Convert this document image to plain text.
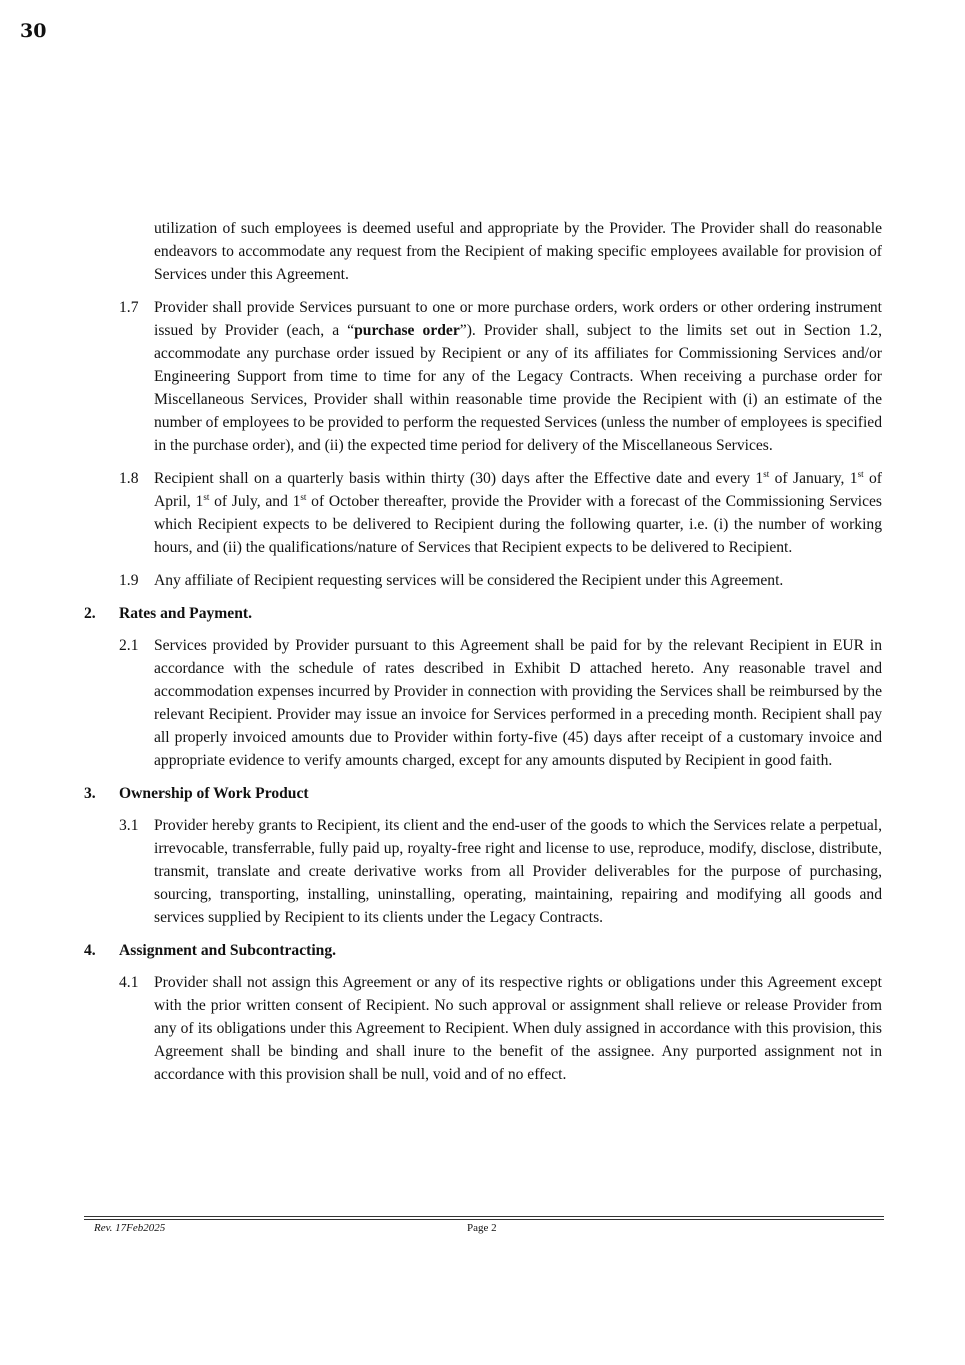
30

utilization of such employees is deemed useful and appropriate by the Provider. The Provider shall do reasonable endeavors to accommodate any request from the Recipient of making specific employees available for provision of Services under this Agreement.

1.7 Provider shall provide Services pursuant to one or more purchase orders, work orders or other ordering instrument issued by Provider (each, a “purchase order”). Provider shall, subject to the limits set out in Section 1.2, accommodate any purchase order issued by Recipient or any of its affiliates for Commissioning Services and/or Engineering Support from time to time for any of the Legacy Contracts. When receiving a purchase order for Miscellaneous Services, Provider shall within reasonable time provide the Recipient with (i) an estimate of the number of employees to be provided to perform the requested Services (unless the number of employees is specified in the purchase order), and (ii) the expected time period for delivery of the Miscellaneous Services.

1.8 Recipient shall on a quarterly basis within thirty (30) days after the Effective date and every 1st of January, 1st of April, 1st of July, and 1st of October thereafter, provide the Provider with a forecast of the Commissioning Services which Recipient expects to be delivered to Recipient during the following quarter, i.e. (i) the number of working hours, and (ii) the qualifications/nature of Services that Recipient expects to be delivered to Recipient.

1.9 Any affiliate of Recipient requesting services will be considered the Recipient under this Agreement.

2. Rates and Payment.
2.1 Services provided by Provider pursuant to this Agreement shall be paid for by the relevant Recipient in EUR in accordance with the schedule of rates described in Exhibit D attached hereto. Any reasonable travel and accommodation expenses incurred by Provider in connection with providing the Services shall be reimbursed by the relevant Recipient. Provider may issue an invoice for Services performed in a preceding month. Recipient shall pay all properly invoiced amounts due to Provider within forty-five (45) days after receipt of a customary invoice and appropriate evidence to verify amounts charged, except for any amounts disputed by Recipient in good faith.

3. Ownership of Work Product
3.1 Provider hereby grants to Recipient, its client and the end-user of the goods to which the Services relate a perpetual, irrevocable, transferrable, fully paid up, royalty-free right and license to use, reproduce, modify, disclose, distribute, transmit, translate and create derivative works from all Provider deliverables for the purpose of purchasing, sourcing, transporting, installing, uninstalling, operating, maintaining, repairing and modifying all goods and services supplied by Recipient to its clients under the Legacy Contracts.

4. Assignment and Subcontracting.
4.1 Provider shall not assign this Agreement or any of its respective rights or obligations under this Agreement except with the prior written consent of Recipient. No such approval or assignment shall relieve or release Provider from any of its obligations under this Agreement to Recipient. When duly assigned in accordance with this provision, this Agreement shall be binding and shall inure to the benefit of the assignee. Any purported assignment not in accordance with this provision shall be null, void and of no effect.

Rev. 17Feb2025	Page 2
